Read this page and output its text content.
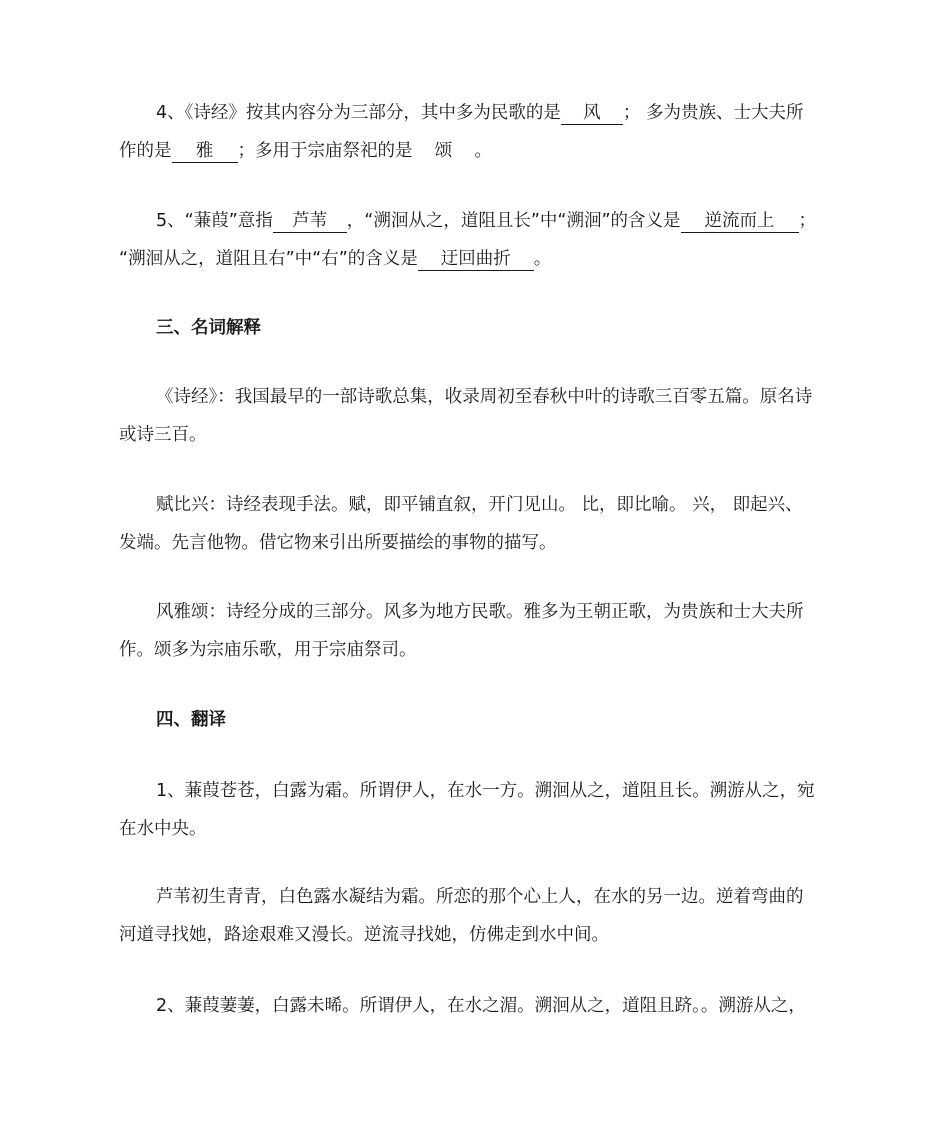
4、《诗经》按其内容分为三部分，其中多为民歌的是 风 ； 多为贵族、士大夫所
作的是 雅 ；多用于宗庙祭祀的是 颂 。

5、“蒹葭”意指 芦苇 ，“溯洄从之，道阻且长”中“溯洄”的含义是 逆流而上 ；
“溯洄从之，道阻且右”中“右”的含义是 迂回曲折 。

三、名词解释

《诗经》：我国最早的一部诗歌总集，收录周初至春秋中叶的诗歌三百零五篇。原名诗
或诗三百。

赋比兴：诗经表现手法。赋，即平铺直叙，开门见山。 比，即比喻。 兴， 即起兴、
发端。先言他物。借它物来引出所要描绘的事物的描写。

风雅颂：诗经分成的三部分。风多为地方民歌。雅多为王朝正歌，为贵族和士大夫所
作。颂多为宗庙乐歌，用于宗庙祭司。

四、翻译

1、蒹葭苍苍，白露为霜。所谓伊人，在水一方。溯洄从之，道阻且长。溯游从之，宛
在水中央。

芦苇初生青青，白色露水凝结为霜。所恋的那个心上人，在水的另一边。逆着弯曲的
河道寻找她，路途艰难又漫长。逆流寻找她，仿佛走到水中间。

2、蒹葭萋萋，白露未晞。所谓伊人，在水之湄。溯洄从之，道阻且跻。。溯游从之，
